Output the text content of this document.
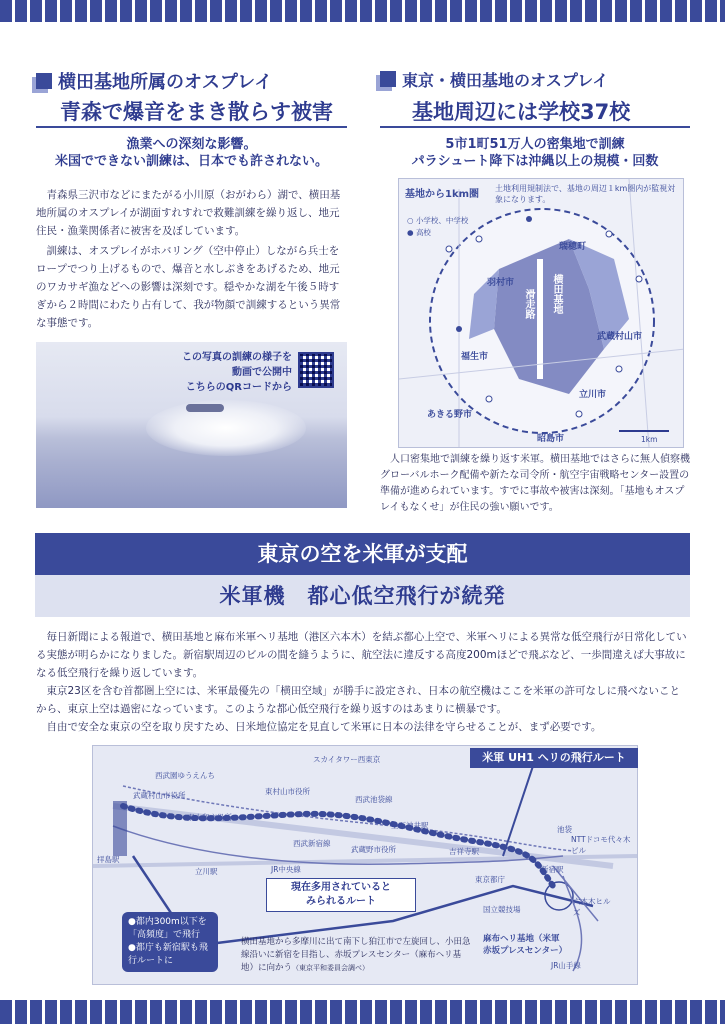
横田基地所属のオスプレイ
青森で爆音をまき散らす被害
漁業への深刻な影響。
米国でできない訓練は、日本でも許されない。
青森県三沢市などにまたがる小川原（おがわら）湖で、横田基地所属のオスプレイが湖面すれすれで救難訓練を繰り返し、地元住民・漁業関係者に被害を及ぼしています。
訓練は、オスプレイがホバリング（空中停止）しながら兵士をロープでつり上げるもので、爆音と水しぶきをあげるため、地元のワカサギ漁などへの影響は深刻です。穏やかな湖を午後５時すぎから２時間にわたり占有して、我が物顔で訓練するという異常な事態です。
この写真の訓練の様子を
動画で公開中
こちらのQRコードから
東京・横田基地のオスプレイ
基地周辺には学校37校
5市1町51万人の密集地で訓練
パラシュート降下は沖縄以上の規模・回数
基地から1km圏
土地利用規制法で、基地の周辺１km圏内が監視対象になります。
○ 小学校、中学校
● 高校
横田基地
滑走路
瑞穂町
羽村市
福生市
武蔵村山市
立川市
あきる野市
昭島市	1km
人口密集地で訓練を繰り返す米軍。横田基地ではさらに無人偵察機グローバルホーク配備や新たな司令所・航空宇宙戦略センター設置の準備が進められています。すでに事故や被害は深刻。「基地もオスプレイもなくせ」が住民の強い願いです。
東京の空を米軍が支配
米軍機　都心低空飛行が続発
毎日新聞による報道で、横田基地と麻布米軍ヘリ基地（港区六本木）を結ぶ都心上空で、米軍ヘリによる異常な低空飛行が日常化している実態が明らかになりました。新宿駅周辺のビルの間を縫うように、航空法に違反する高度200mほどで飛ぶなど、一歩間違えば大事故になる低空飛行を繰り返しています。
東京23区を含む首都圏上空には、米軍最優先の「横田空域」が勝手に設定され、日本の航空機はここを米軍の許可なしに飛べないことから、東京上空は過密になっています。このような都心低空飛行を繰り返すのはあまりに横暴です。
自由で安全な東京の空を取り戻すため、日米地位協定を見直して米軍に日本の法律を守らせることが、まず必要です。
スカイタワー西東京
西武園ゆうえんち
武蔵村山市役所	東村山市役所
東大和市役所
西武池袋線
上石神井駅
西武新宿線
武蔵野市役所	吉祥寺駅
立川駅	JR中央線
拝島駅
東京都庁
新宿駅
NTTドコモ代々木ビル
六本木ヒルズ
国立競技場
麻布ヘリ基地（米軍赤坂プレスセンター）
JR山手線
池袋
横田基地から多摩川に出て南下し狛江市で左旋回し、小田急線沿いに新宿を目指し、赤坂プレスセンター（麻布ヘリ基地）に向かう（東京平和委員会調べ）
米軍 UH1 ヘリの飛行ルート
現在多用されていると
みられるルート
●都内300m以下を「高頻度」で飛行
●都庁も新宿駅も飛行ルートに
